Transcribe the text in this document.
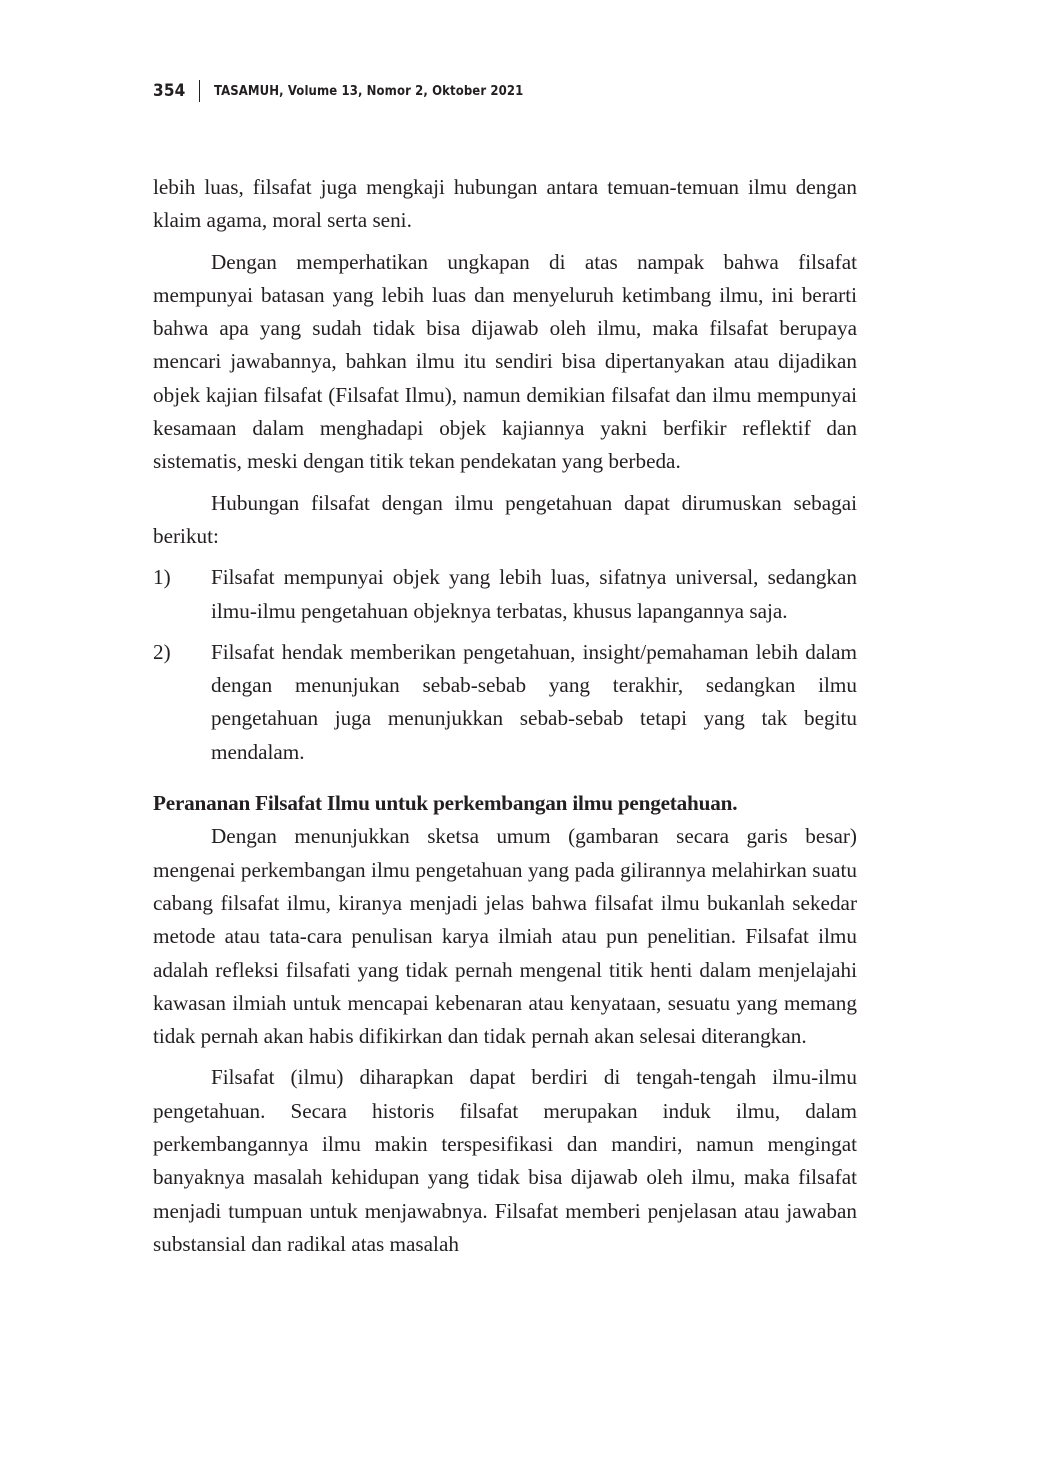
354 TASAMUH, Volume 13, Nomor 2, Oktober 2021

lebih luas, filsafat juga mengkaji hubungan antara temuan-temuan ilmu dengan klaim agama, moral serta seni.

Dengan memperhatikan ungkapan di atas nampak bahwa filsafat mempunyai batasan yang lebih luas dan menyeluruh ketimbang ilmu, ini berarti bahwa apa yang sudah tidak bisa dijawab oleh ilmu, maka filsafat berupaya mencari jawabannya, bahkan ilmu itu sendiri bisa dipertanyakan atau dijadikan objek kajian filsafat (Filsafat Ilmu), namun demikian filsafat dan ilmu mempunyai kesamaan dalam menghadapi objek kajiannya yakni berfikir reflektif dan sistematis, meski dengan titik tekan pendekatan yang berbeda.

Hubungan filsafat dengan ilmu pengetahuan dapat dirumuskan sebagai berikut:

1) Filsafat mempunyai objek yang lebih luas, sifatnya universal, sedangkan ilmu-ilmu pengetahuan objeknya terbatas, khusus lapangannya saja.
2) Filsafat hendak memberikan pengetahuan, insight/pemahaman lebih dalam dengan menunjukan sebab-sebab yang terakhir, sedangkan ilmu pengetahuan juga menunjukkan sebab-sebab tetapi yang tak begitu mendalam.
Perananan Filsafat Ilmu untuk perkembangan ilmu pengetahuan.

Dengan menunjukkan sketsa umum (gambaran secara garis besar) mengenai perkembangan ilmu pengetahuan yang pada gilirannya melahirkan suatu cabang filsafat ilmu, kiranya menjadi jelas bahwa filsafat ilmu bukanlah sekedar metode atau tata-cara penulisan karya ilmiah atau pun penelitian. Filsafat ilmu adalah refleksi filsafati yang tidak pernah mengenal titik henti dalam menjelajahi kawasan ilmiah untuk mencapai kebenaran atau kenyataan, sesuatu yang memang tidak pernah akan habis difikirkan dan tidak pernah akan selesai diterangkan.

Filsafat (ilmu) diharapkan dapat berdiri di tengah-tengah ilmu-ilmu pengetahuan. Secara historis filsafat merupakan induk ilmu, dalam perkembangannya ilmu makin terspesifikasi dan mandiri, namun mengingat banyaknya masalah kehidupan yang tidak bisa dijawab oleh ilmu, maka filsafat menjadi tumpuan untuk menjawabnya. Filsafat memberi penjelasan atau jawaban substansial dan radikal atas masalah
